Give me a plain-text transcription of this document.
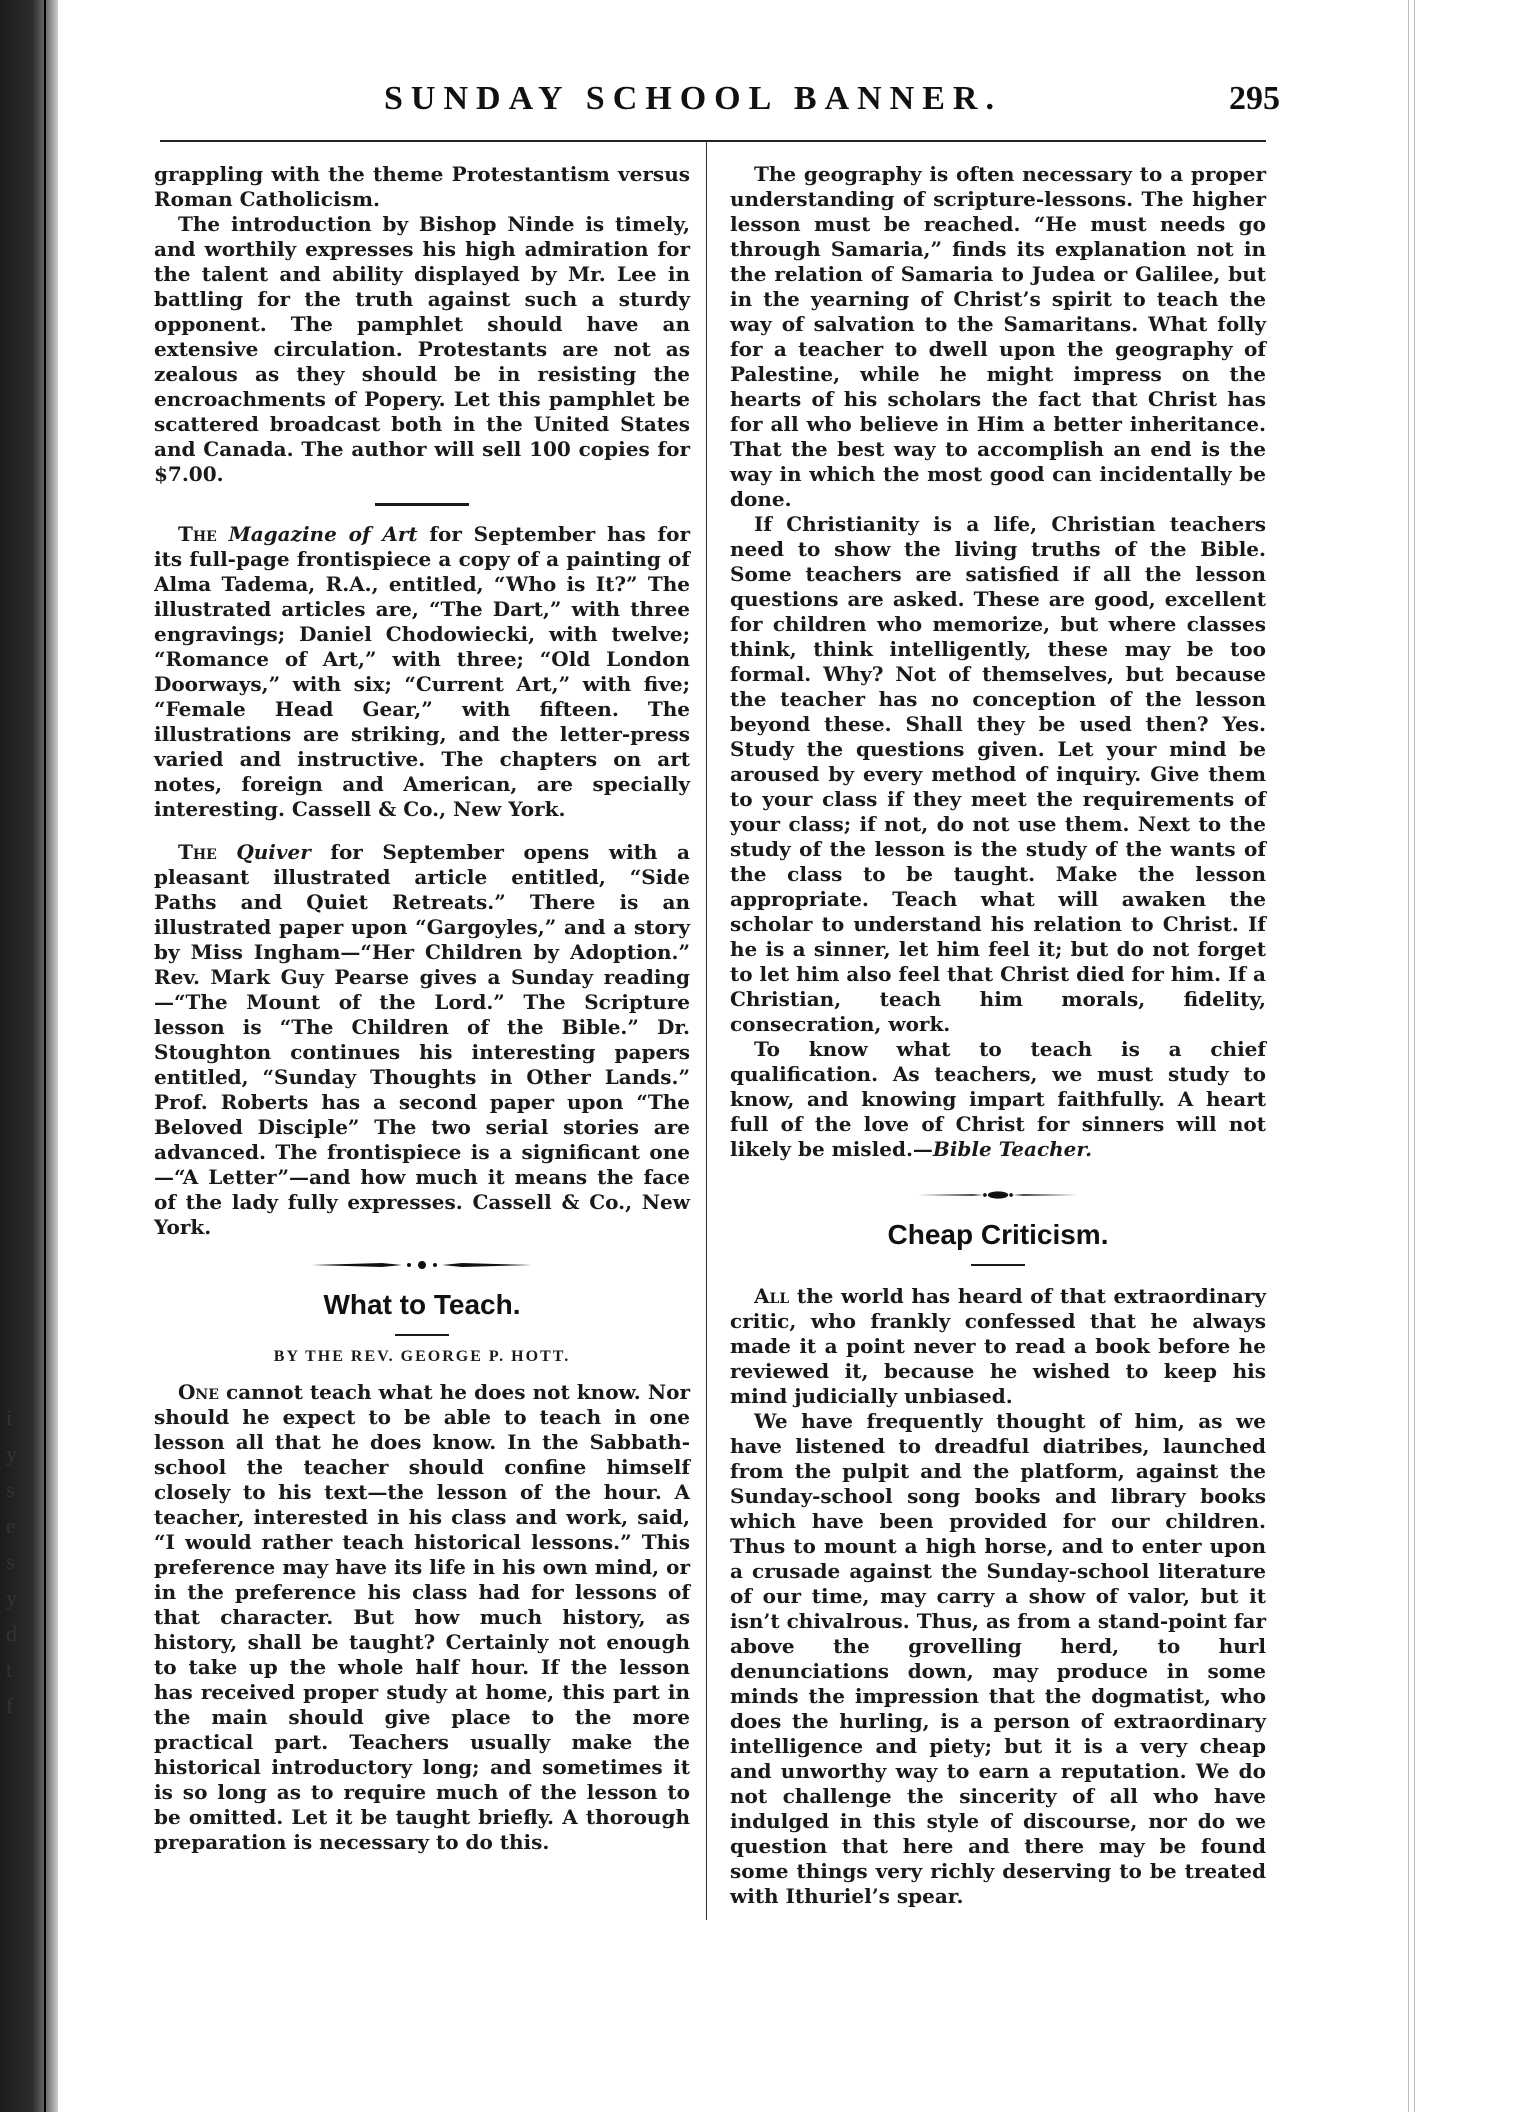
i
y
s
e
s
y
d
t
f
SUNDAY SCHOOL BANNER.	295

grappling with the theme Protestantism versus Roman Catholicism.

The introduction by Bishop Ninde is timely, and worthily expresses his high admiration for the talent and ability displayed by Mr. Lee in battling for the truth against such a sturdy opponent. The pamphlet should have an extensive circulation. Protestants are not as zealous as they should be in resisting the encroachments of Popery. Let this pamphlet be scattered broadcast both in the United States and Canada. The author will sell 100 copies for $7.00.

The Magazine of Art for September has for its full-page frontispiece a copy of a painting of Alma Tadema, R.A., entitled, “Who is It?” The illustrated articles are, “The Dart,” with three engravings; Daniel Chodowiecki, with twelve; “Romance of Art,” with three; “Old London Doorways,” with six; “Current Art,” with five; “Female Head Gear,” with fifteen. The illustrations are striking, and the letter-press varied and instructive. The chapters on art notes, foreign and American, are specially interesting. Cassell & Co., New York.

The Quiver for September opens with a pleasant illustrated article entitled, “Side Paths and Quiet Retreats.” There is an illustrated paper upon “Gargoyles,” and a story by Miss Ingham—“Her Children by Adoption.” Rev. Mark Guy Pearse gives a Sunday reading —“The Mount of the Lord.” The Scripture lesson is “The Children of the Bible.” Dr. Stoughton continues his interesting papers entitled, “Sunday Thoughts in Other Lands.” Prof. Roberts has a second paper upon “The Beloved Disciple” The two serial stories are advanced. The frontispiece is a significant one —“A Letter”—and how much it means the face of the lady fully expresses. Cassell & Co., New York.

What to Teach.
BY THE REV. GEORGE P. HOTT.

One cannot teach what he does not know. Nor should he expect to be able to teach in one lesson all that he does know. In the Sabbath-school the teacher should confine himself closely to his text—the lesson of the hour. A teacher, interested in his class and work, said, “I would rather teach historical lessons.” This preference may have its life in his own mind, or in the preference his class had for lessons of that character. But how much history, as history, shall be taught? Certainly not enough to take up the whole half hour. If the lesson has received proper study at home, this part in the main should give place to the more practical part. Teachers usually make the historical introductory long; and sometimes it is so long as to require much of the lesson to be omitted. Let it be taught briefly. A thorough preparation is necessary to do this.

The geography is often necessary to a proper understanding of scripture-lessons. The higher lesson must be reached. “He must needs go through Samaria,” finds its explanation not in the relation of Samaria to Judea or Galilee, but in the yearning of Christ’s spirit to teach the way of salvation to the Samaritans. What folly for a teacher to dwell upon the geography of Palestine, while he might impress on the hearts of his scholars the fact that Christ has for all who believe in Him a better inheritance. That the best way to accomplish an end is the way in which the most good can incidentally be done.

If Christianity is a life, Christian teachers need to show the living truths of the Bible. Some teachers are satisfied if all the lesson questions are asked. These are good, excellent for children who memorize, but where classes think, think intelligently, these may be too formal. Why? Not of themselves, but because the teacher has no conception of the lesson beyond these. Shall they be used then? Yes. Study the questions given. Let your mind be aroused by every method of inquiry. Give them to your class if they meet the requirements of your class; if not, do not use them. Next to the study of the lesson is the study of the wants of the class to be taught. Make the lesson appropriate. Teach what will awaken the scholar to understand his relation to Christ. If he is a sinner, let him feel it; but do not forget to let him also feel that Christ died for him. If a Christian, teach him morals, fidelity, consecration, work.

To know what to teach is a chief qualification. As teachers, we must study to know, and knowing impart faithfully. A heart full of the love of Christ for sinners will not likely be misled.—Bible Teacher.

Cheap Criticism.

All the world has heard of that extraordinary critic, who frankly confessed that he always made it a point never to read a book before he reviewed it, because he wished to keep his mind judicially unbiased.

We have frequently thought of him, as we have listened to dreadful diatribes, launched from the pulpit and the platform, against the Sunday-school song books and library books which have been provided for our children. Thus to mount a high horse, and to enter upon a crusade against the Sunday-school literature of our time, may carry a show of valor, but it isn’t chivalrous. Thus, as from a stand-point far above the grovelling herd, to hurl denunciations down, may produce in some minds the impression that the dogmatist, who does the hurling, is a person of extraordinary intelligence and piety; but it is a very cheap and unworthy way to earn a reputation. We do not challenge the sincerity of all who have indulged in this style of discourse, nor do we question that here and there may be found some things very richly deserving to be treated with Ithuriel’s spear.
